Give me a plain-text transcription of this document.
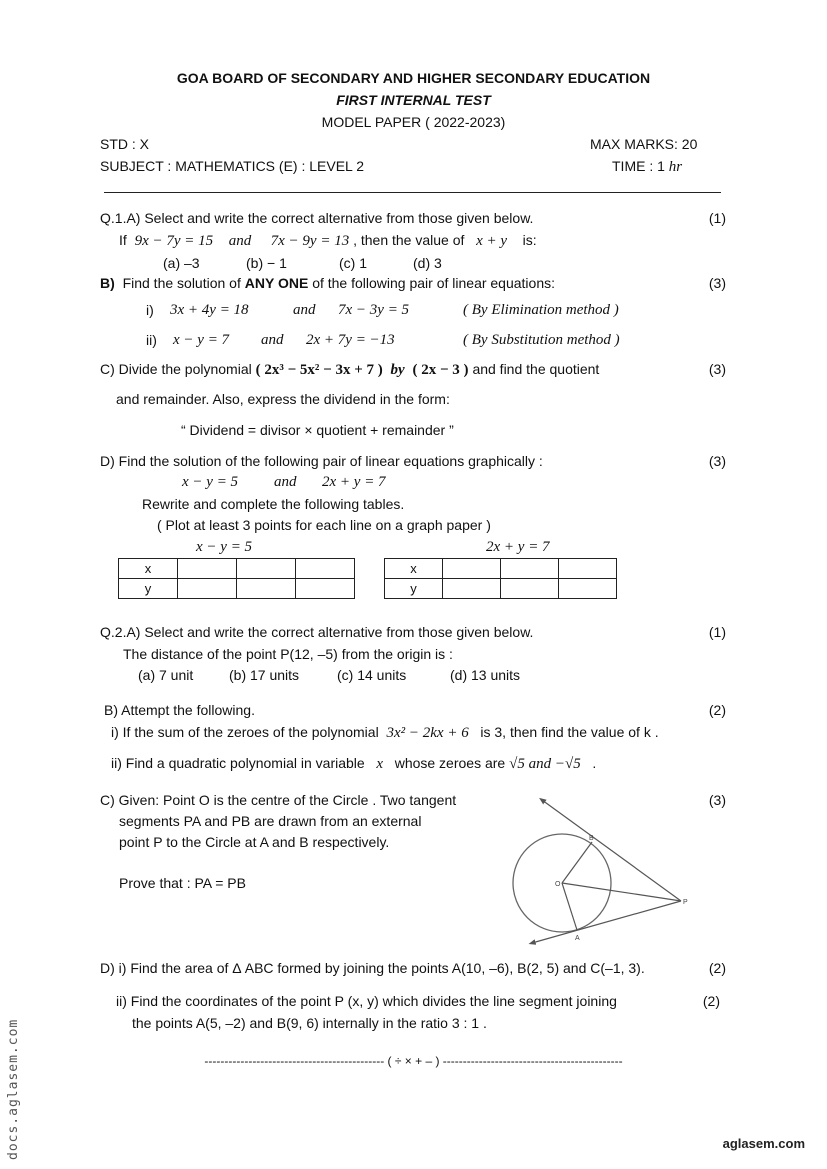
GOA BOARD OF SECONDARY AND HIGHER SECONDARY EDUCATION
FIRST INTERNAL TEST
MODEL PAPER ( 2022-2023)
STD : X	MAX MARKS: 20
SUBJECT : MATHEMATICS (E) : LEVEL 2	TIME : 1 hr
Q.1.A) Select and write the correct alternative from those given below.	(1)
If 9x − 7y = 15 and 7x − 9y = 13 , then the value of x + y is:
(a) –3	(b) − 1	(c) 1	(d) 3
B) Find the solution of ANY ONE of the following pair of linear equations:	(3)
i) 3x + 4y = 18	and 7x − 3y = 5	( By Elimination method )
ii) x − y = 7 and 2x + 7y = −13	( By Substitution method )
C) Divide the polynomial ( 2x³ − 5x² − 3x + 7 ) by ( 2x − 3 ) and find the quotient	(3)
and remainder. Also, express the dividend in the form:
“ Dividend = divisor × quotient + remainder ”
D) Find the solution of the following pair of linear equations graphically :	(3)
x − y = 5 and 2x + y = 7
Rewrite and complete the following tables.
( Plot at least 3 points for each line on a graph paper )
x − y = 5	2x + y = 7
x			
y			
x			
y			
Q.2.A) Select and write the correct alternative from those given below.	(1)
The distance of the point P(12, –5) from the origin is :
(a) 7 unit	(b) 17 units	(c) 14 units	(d) 13 units
B) Attempt the following.	(2)
i) If the sum of the zeroes of the polynomial 3x² − 2kx + 6 is 3, then find the value of k .
ii) Find a quadratic polynomial in variable x whose zeroes are √5 and −√5 .
C) Given: Point O is the centre of the Circle . Two tangent	(3)
segments PA and PB are drawn from an external
point P to the Circle at A and B respectively.
Prove that : PA = PB
B
O
P
A
D) i) Find the area of Δ ABC formed by joining the points A(10, –6), B(2, 5) and C(–1, 3).	(2)
ii) Find the coordinates of the point P (x, y) which divides the line segment joining	(2)
the points A(5, –2) and B(9, 6) internally in the ratio 3 : 1 .
--------------------------------------------- ( ÷ × + – ) ---------------------------------------------
docs.aglasem.com	aglasem.com
